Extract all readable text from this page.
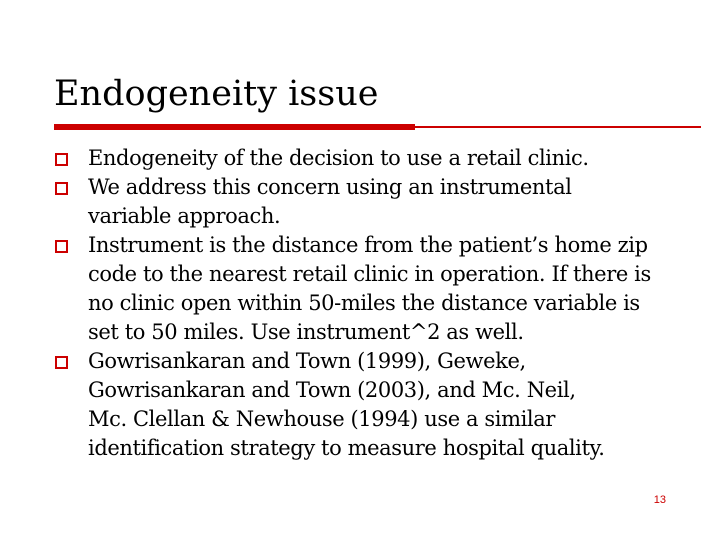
Endogeneity issue
Endogeneity of the decision to use a retail clinic.
We address this concern using an instrumental
variable approach.
Instrument is the distance from the patient’s home zip
code to the nearest retail clinic in operation. If there is
no clinic open within 50-miles the distance variable is
set to 50 miles. Use instrument^2 as well.
Gowrisankaran and Town (1999), Geweke,
Gowrisankaran and Town (2003), and Mc. Neil,
Mc. Clellan & Newhouse (1994) use a similar
identification strategy to measure hospital quality.
13
